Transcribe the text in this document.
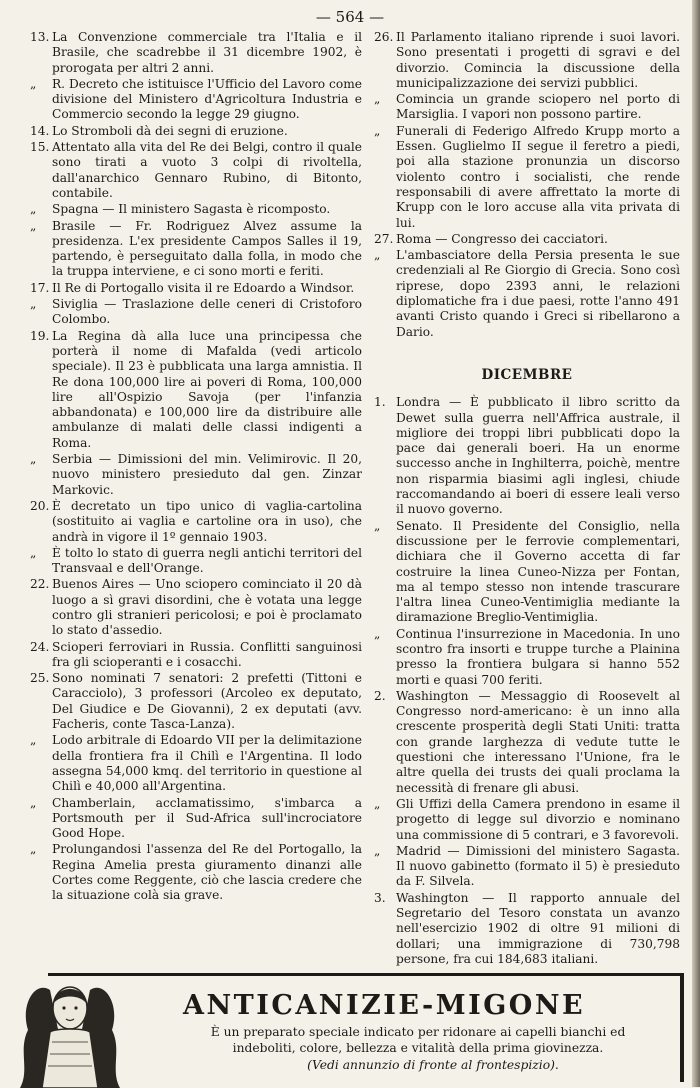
— 564 —
13. La Convenzione commerciale tra l'Italia e il Brasile, che scadrebbe il 31 dicembre 1902, è prorogata per altri 2 anni.
„	R. Decreto che istituisce l'Ufficio del Lavoro come divisione del Ministero d'Agricoltura Industria e Commercio secondo la legge 29 giugno.
14. Lo Stromboli dà dei segni di eruzione.
15. Attentato alla vita del Re dei Belgi, contro il quale sono tirati a vuoto 3 colpi di rivoltella, dall'anarchico Gennaro Rubino, di Bitonto, contabile.
„	Spagna — Il ministero Sagasta è ricomposto.
„	Brasile — Fr. Rodriguez Alvez assume la presidenza. L'ex presidente Campos Salles il 19, partendo, è perseguitato dalla folla, in modo che la truppa interviene, e ci sono morti e feriti.
17. Il Re di Portogallo visita il re Edoardo a Windsor.
„	Siviglia — Traslazione delle ceneri di Cristoforo Colombo.
19. La Regina dà alla luce una principessa che porterà il nome di Mafalda (vedi articolo speciale). Il 23 è pubblicata una larga amnistia. Il Re dona 100,000 lire ai poveri di Roma, 100,000 lire all'Ospizio Savoja (per l'infanzia abbandonata) e 100,000 lire da distribuire alle ambulanze di malati delle classi indigenti a Roma.
„	Serbia — Dimissioni del min. Velimirovic. Il 20, nuovo ministero presieduto dal gen. Zinzar Markovic.
20. È decretato un tipo unico di vaglia-cartolina (sostituito ai vaglia e cartoline ora in uso), che andrà in vigore il 1º gennaio 1903.
„	È tolto lo stato di guerra negli antichi territori del Transvaal e dell'Orange.
22. Buenos Aires — Uno sciopero cominciato il 20 dà luogo a sì gravi disordini, che è votata una legge contro gli stranieri pericolosi; e poi è proclamato lo stato d'assedio.
24. Scioperi ferroviari in Russia. Conflitti sanguinosi fra gli scioperanti e i cosacchi.
25. Sono nominati 7 senatori: 2 prefetti (Tittoni e Caracciolo), 3 professori (Arcoleo ex deputato, Del Giudice e De Giovanni), 2 ex deputati (avv. Facheris, conte Tasca-Lanza).
„	Lodo arbitrale di Edoardo VII per la delimitazione della frontiera fra il Chilì e l'Argentina. Il lodo assegna 54,000 kmq. del territorio in questione al Chilì e 40,000 all'Argentina.
„	Chamberlain, acclamatissimo, s'imbarca a Portsmouth per il Sud-Africa sull'incrociatore Good Hope.
„	Prolungandosi l'assenza del Re del Portogallo, la Regina Amelia presta giuramento dinanzi alle Cortes come Reggente, ciò che lascia credere che la situazione colà sia grave.
26. Il Parlamento italiano riprende i suoi lavori. Sono presentati i progetti di sgravi e del divorzio. Comincia la discussione della municipalizzazione dei servizi pubblici.
„	Comincia un grande sciopero nel porto di Marsiglia. I vapori non possono partire.
„	Funerali di Federigo Alfredo Krupp morto a Essen. Guglielmo II segue il feretro a piedi, poi alla stazione pronunzia un discorso violento contro i socialisti, che rende responsabili di avere affrettato la morte di Krupp con le loro accuse alla vita privata di lui.
27. Roma — Congresso dei cacciatori.
„	L'ambasciatore della Persia presenta le sue credenziali al Re Giorgio di Grecia. Sono così riprese, dopo 2393 anni, le relazioni diplomatiche fra i due paesi, rotte l'anno 491 avanti Cristo quando i Greci si ribellarono a Dario.
DICEMBRE
1. Londra — È pubblicato il libro scritto da Dewet sulla guerra nell'Affrica australe, il migliore dei troppi libri pubblicati dopo la pace dai generali boeri. Ha un enorme successo anche in Inghilterra, poichè, mentre non risparmia biasimi agli inglesi, chiude raccomandando ai boeri di essere leali verso il nuovo governo.
„	Senato. Il Presidente del Consiglio, nella discussione per le ferrovie complementari, dichiara che il Governo accetta di far costruire la linea Cuneo-Nizza per Fontan, ma al tempo stesso non intende trascurare l'altra linea Cuneo-Ventimiglia mediante la diramazione Breglio-Ventimiglia.
„	Continua l'insurrezione in Macedonia. In uno scontro fra insorti e truppe turche a Plainina presso la frontiera bulgara si hanno 552 morti e quasi 700 feriti.
2. Washington — Messaggio di Roosevelt al Congresso nord-americano: è un inno alla crescente prosperità degli Stati Uniti: tratta con grande larghezza di vedute tutte le questioni che interessano l'Unione, fra le altre quella dei trusts dei quali proclama la necessità di frenare gli abusi.
„	Gli Uffizi della Camera prendono in esame il progetto di legge sul divorzio e nominano una commissione di 5 contrari, e 3 favorevoli.
„	Madrid — Dimissioni del ministero Sagasta. Il nuovo gabinetto (formato il 5) è presieduto da F. Silvela.
3. Washington — Il rapporto annuale del Segretario del Tesoro constata un avanzo nell'esercizio 1902 di oltre 91 milioni di dollari; una immigrazione di 730,798 persone, fra cui 184,683 italiani.
ANTICANIZIE-MIGONE
È un preparato speciale indicato per ridonare ai capelli bianchi ed
indeboliti, colore, bellezza e vitalità della prima giovinezza.
(Vedi annunzio di fronte al frontespizio).
